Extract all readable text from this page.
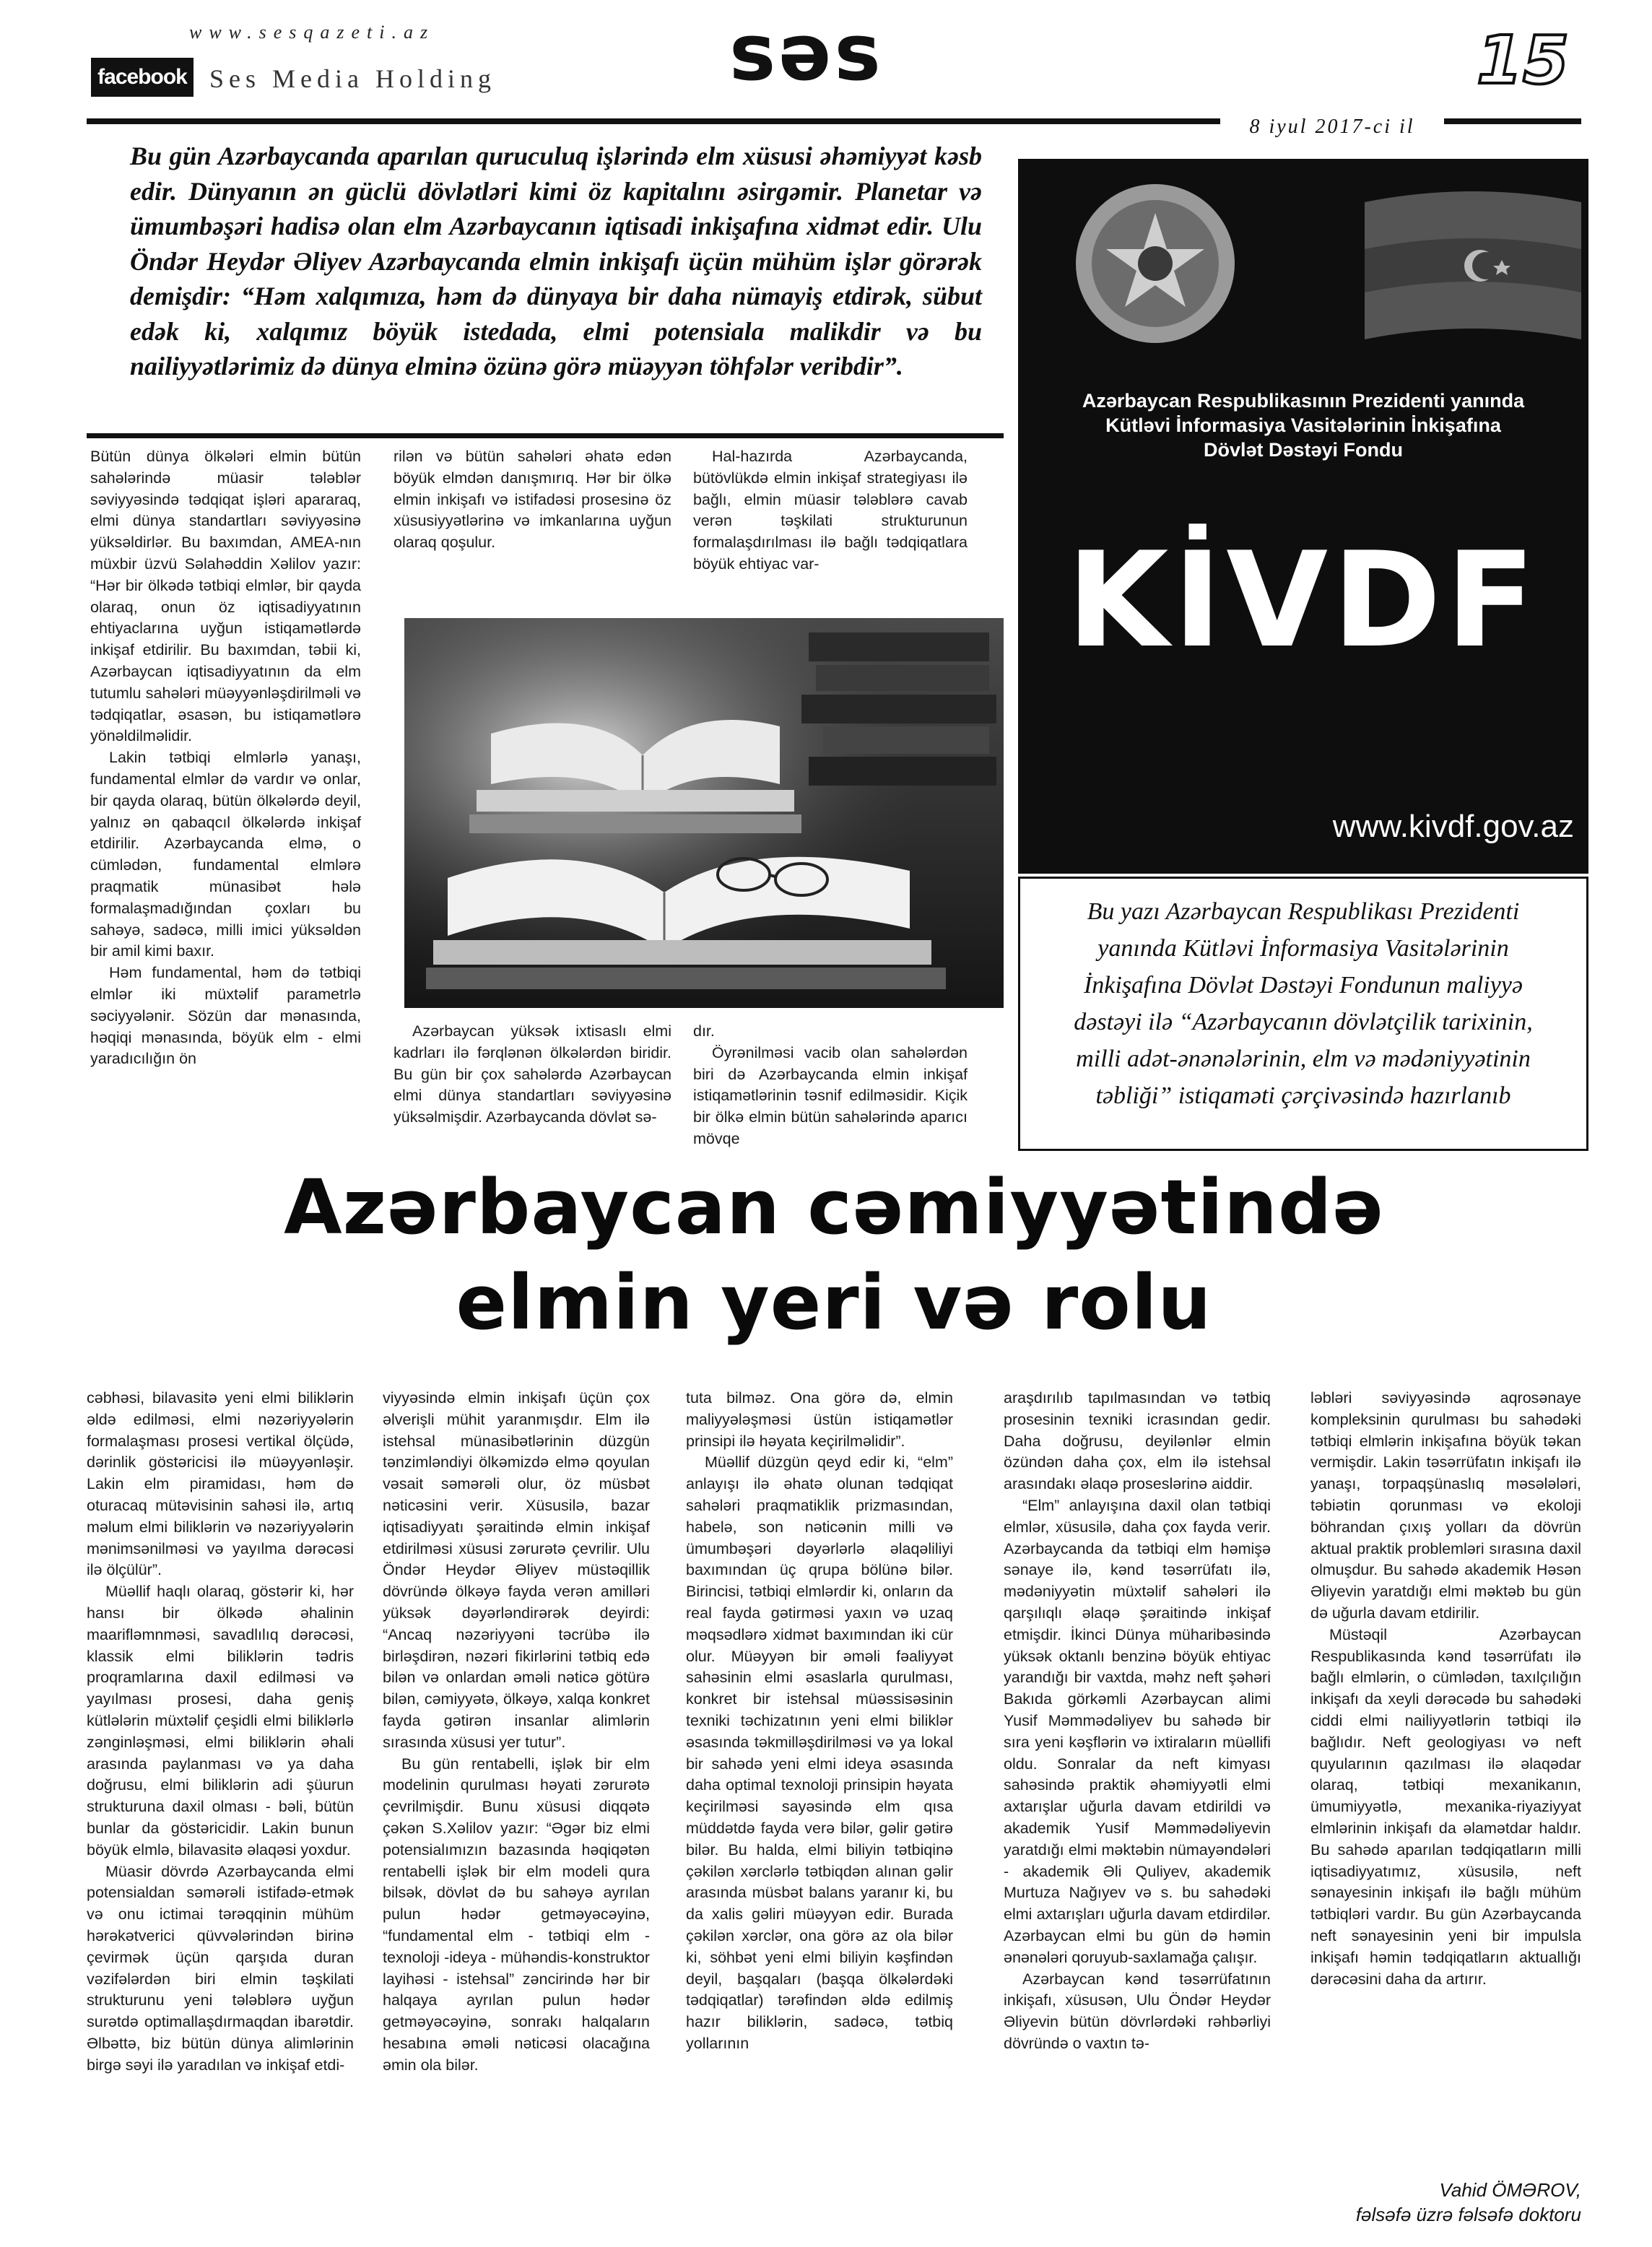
www.sesqazeti.az
facebook Ses Media Holding	səs	15
8 iyul 2017-ci il
Bu gün Azərbaycanda aparılan quruculuq işlərində elm xüsusi əhəmiyyət kəsb edir. Dünyanın ən güclü dövlətləri kimi öz kapitalını əsirgəmir. Planetar və ümumbəşəri hadisə olan elm Azərbaycanın iqtisadi inkişafına xidmət edir. Ulu Öndər Heydər Əliyev Azərbaycanda elmin inkişafı üçün mühüm işlər görərək demişdir: “Həm xalqımıza, həm də dünyaya bir daha nümayiş etdirək, sübut edək ki, xalqımız böyük istedada, elmi potensiala malikdir və bu nailiyyətlərimiz də dünya elminə özünə görə müəyyən töhfələr veribdir”.

Bütün dünya ölkələri elmin bütün sahələrində müasir tələblər səviyyəsində tədqiqat işləri apararaq, elmi dünya standartları səviyyəsinə yüksəldirlər. Bu baxımdan, AMEA-nın müxbir üzvü Səlahəddin Xəlilov yazır: “Hər bir ölkədə tətbiqi elmlər, bir qayda olaraq, onun öz iqtisadiyyatının ehtiyaclarına uyğun istiqamətlərdə inkişaf etdirilir. Bu baxımdan, təbii ki, Azərbaycan iqtisadiyyatının da elm tutumlu sahələri müəyyənləşdirilməli və tədqiqatlar, əsasən, bu istiqamətlərə yönəldilməlidir.

Lakin tətbiqi elmlərlə yanaşı, fundamental elmlər də vardır və onlar, bir qayda olaraq, bütün ölkələrdə deyil, yalnız ən qabaqcıl ölkələrdə inkişaf etdirilir. Azərbaycanda elmə, o cümlədən, fundamental elmlərə praqmatik münasibət hələ formalaşmadığından çoxları bu sahəyə, sadəcə, milli imici yüksəldən bir amil kimi baxır.

Həm fundamental, həm də tətbiqi elmlər iki müxtəlif parametrlə səciyyələnir. Sözün dar mənasında, həqiqi mənasında, böyük elm - elmi yaradıcılığın ön

rilən və bütün sahələri əhatə edən böyük elmdən danışmırıq. Hər bir ölkə elmin inkişafı və istifadəsi prosesinə öz xüsusiyyətlərinə və imkanlarına uyğun olaraq qoşulur.

Hal-hazırda Azərbaycanda, bütövlükdə elmin inkişaf strategiyası ilə bağlı, elmin müasir tələblərə cavab verən təşkilati strukturunun formalaşdırılması ilə bağlı tədqiqatlara böyük ehtiyac var-

Azərbaycan yüksək ixtisaslı elmi kadrları ilə fərqlənən ölkələrdən biridir. Bu gün bir çox sahələrdə Azərbaycan elmi dünya standartları səviyyəsinə yüksəlmişdir. Azərbaycanda dövlət sə-

dır.

Öyrənilməsi vacib olan sahələrdən biri də Azərbaycanda elmin inkişaf istiqamətlərinin təsnif edilməsidir. Kiçik bir ölkə elmin bütün sahələrində aparıcı mövqe

Azərbaycan Respublikasının Prezidenti yanında
Kütləvi İnformasiya Vasitələrinin İnkişafına
Dövlət Dəstəyi Fondu
KİVDF
www.kivdf.gov.az
Bu yazı Azərbaycan Respublikası Prezidenti
yanında Kütləvi İnformasiya Vasitələrinin
İnkişafına Dövlət Dəstəyi Fondunun maliyyə
dəstəyi ilə “Azərbaycanın dövlətçilik tarixinin,
milli adət-ənənələrinin, elm və mədəniyyətinin
təbliği” istiqaməti çərçivəsində hazırlanıb
Azərbaycan cəmiyyətində
elmin yeri və rolu

cəbhəsi, bilavasitə yeni elmi biliklərin əldə edilməsi, elmi nəzəriyyələrin formalaşması prosesi vertikal ölçüdə, dərinlik göstəricisi ilə müəyyənləşir. Lakin elm piramidası, həm də oturacaq mütəvisinin sahəsi ilə, artıq məlum elmi biliklərin və nəzəriyyələrin mənimsənilməsi və yayılma dərəcəsi ilə ölçülür”.

Müəllif haqlı olaraq, göstərir ki, hər hansı bir ölkədə əhalinin maarifləmnməsi, savadlılıq dərəcəsi, klassik elmi biliklərin tədris proqramlarına daxil edilməsi və yayılması prosesi, daha geniş kütlələrin müxtəlif çeşidli elmi biliklərlə zənginləşməsi, elmi biliklərin əhali arasında paylanması və ya daha doğrusu, elmi biliklərin adi şüurun strukturuna daxil olması - bəli, bütün bunlar da göstəricidir. Lakin bunun böyük elmlə, bilavasitə əlaqəsi yoxdur.

Müasir dövrdə Azərbaycanda elmi potensialdan səmərəli istifadə-etmək və onu ictimai tərəqqinin mühüm hərəkətverici qüvvələrindən birinə çevirmək üçün qarşıda duran vəzifələrdən biri elmin təşkilati strukturunu yeni tələblərə uyğun surətdə optimallaşdırmaqdan ibarətdir. Əlbəttə, biz bütün dünya alimlərinin birgə səyi ilə yaradılan və inkişaf etdi-

viyyəsində elmin inkişafı üçün çox əlverişli mühit yaranmışdır. Elm ilə istehsal münasibətlərinin düzgün tənzimləndiyi ölkəmizdə elmə qoyulan vəsait səmərəli olur, öz müsbət nəticəsini verir. Xüsusilə, bazar iqtisadiyyatı şəraitində elmin inkişaf etdirilməsi xüsusi zərurətə çevrilir. Ulu Öndər Heydər Əliyev müstəqillik dövründə ölkəyə fayda verən amilləri yüksək dəyərləndirərək deyirdi: “Ancaq nəzəriyyəni təcrübə ilə birləşdirən, nəzəri fikirlərini tətbiq edə bilən və onlardan əməli nəticə götürə bilən, cəmiyyətə, ölkəyə, xalqa konkret fayda gətirən insanlar alimlərin sırasında xüsusi yer tutur”.

Bu gün rentabelli, işlək bir elm modelinin qurulması həyati zərurətə çevrilmişdir. Bunu xüsusi diqqətə çəkən S.Xəlilov yazır: “Əgər biz elmi potensialımızın bazasında həqiqətən rentabelli işlək bir elm modeli qura bilsək, dövlət də bu sahəyə ayrılan pulun hədər getməyəcəyinə, “fundamental elm - tətbiqi elm - texnoloji -ideya - mühəndis-konstruktor layihəsi - istehsal” zəncirində hər bir halqaya ayrılan pulun hədər getməyəcəyinə, sonrakı halqaların hesabına əməli nəticəsi olacağına əmin ola bilər.

tuta bilməz. Ona görə də, elmin maliyyələşməsi üstün istiqamətlər prinsipi ilə həyata keçirilməlidir”.

Müəllif düzgün qeyd edir ki, “elm” anlayışı ilə əhatə olunan tədqiqat sahələri praqmatiklik prizmasından, habelə, son nəticənin milli və ümumbəşəri dəyərlərlə əlaqəliliyi baxımından üç qrupa bölünə bilər. Birincisi, tətbiqi elmlərdir ki, onların da real fayda gətirməsi yaxın və uzaq məqsədlərə xidmət baxımından iki cür olur. Müəyyən bir əməli fəaliyyət sahəsinin elmi əsaslarla qurulması, konkret bir istehsal müəssisəsinin texniki təchizatının yeni elmi biliklər əsasında təkmilləşdirilməsi və ya lokal bir sahədə yeni elmi ideya əsasında daha optimal texnoloji prinsipin həyata keçirilməsi sayəsində elm qısa müddətdə fayda verə bilər, gəlir gətirə bilər. Bu halda, elmi biliyin tətbiqinə çəkilən xərclərlə tətbiqdən alınan gəlir arasında müsbət balans yaranır ki, bu da xalis gəliri müəyyən edir. Burada çəkilən xərclər, ona görə az ola bilər ki, söhbət yeni elmi biliyin kəşfindən deyil, başqaları (başqa ölkələrdəki tədqiqatlar) tərəfindən əldə edilmiş hazır biliklərin, sadəcə, tətbiq yollarının

araşdırılıb tapılmasından və tətbiq prosesinin texniki icrasından gedir. Daha doğrusu, deyilənlər elmin özündən daha çox, elm ilə istehsal arasındakı əlaqə proseslərinə aiddir.

“Elm” anlayışına daxil olan tətbiqi elmlər, xüsusilə, daha çox fayda verir. Azərbaycanda da tətbiqi elm həmişə sənaye ilə, kənd təsərrüfatı ilə, mədəniyyətin müxtəlif sahələri ilə qarşılıqlı əlaqə şəraitində inkişaf etmişdir. İkinci Dünya müharibəsində yüksək oktanlı benzinə böyük ehtiyac yarandığı bir vaxtda, məhz neft şəhəri Bakıda görkəmli Azərbaycan alimi Yusif Məmmədəliyev bu sahədə bir sıra yeni kəşflərin və ixtiraların müəllifi oldu. Sonralar da neft kimyası sahəsində praktik əhəmiyyətli elmi axtarışlar uğurla davam etdirildi və akademik Yusif Məmmədəliyevin yaratdığı elmi məktəbin nümayəndələri - akademik Əli Quliyev, akademik Murtuza Nağıyev və s. bu sahədəki elmi axtarışları uğurla davam etdirdilər. Azərbaycan elmi bu gün də həmin ənənələri qoruyub-saxlamağa çalışır.

Azərbaycan kənd təsərrüfatının inkişafı, xüsusən, Ulu Öndər Heydər Əliyevin bütün dövrlərdəki rəhbərliyi dövründə o vaxtın tə-

ləbləri səviyyəsində aqrosənaye kompleksinin qurulması bu sahədəki tətbiqi elmlərin inkişafına böyük təkan vermişdir. Lakin təsərrüfatın inkişafı ilə yanaşı, torpaqşünaslıq məsələləri, təbiətin qorunması və ekoloji böhrandan çıxış yolları da dövrün aktual praktik problemləri sırasına daxil olmuşdur. Bu sahədə akademik Həsən Əliyevin yaratdığı elmi məktəb bu gün də uğurla davam etdirilir.

Müstəqil Azərbaycan Respublikasında kənd təsərrüfatı ilə bağlı elmlərin, o cümlədən, taxılçılığın inkişafı da xeyli dərəcədə bu sahədəki ciddi elmi nailiyyətlərin tətbiqi ilə bağlıdır. Neft geologiyası və neft quyularının qazılması ilə əlaqədar olaraq, tətbiqi mexanikanın, ümumiyyətlə, mexanika-riyaziyyat elmlərinin inkişafı da əlamətdar haldır. Bu sahədə aparılan tədqiqatların milli iqtisadiyyatımız, xüsusilə, neft sənayesinin inkişafı ilə bağlı mühüm tətbiqləri vardır. Bu gün Azərbaycanda neft sənayesinin yeni bir impulsla inkişafı həmin tədqiqatların aktuallığı dərəcəsini daha da artırır.

Vahid ÖMƏROV,
fəlsəfə üzrə fəlsəfə doktoru
